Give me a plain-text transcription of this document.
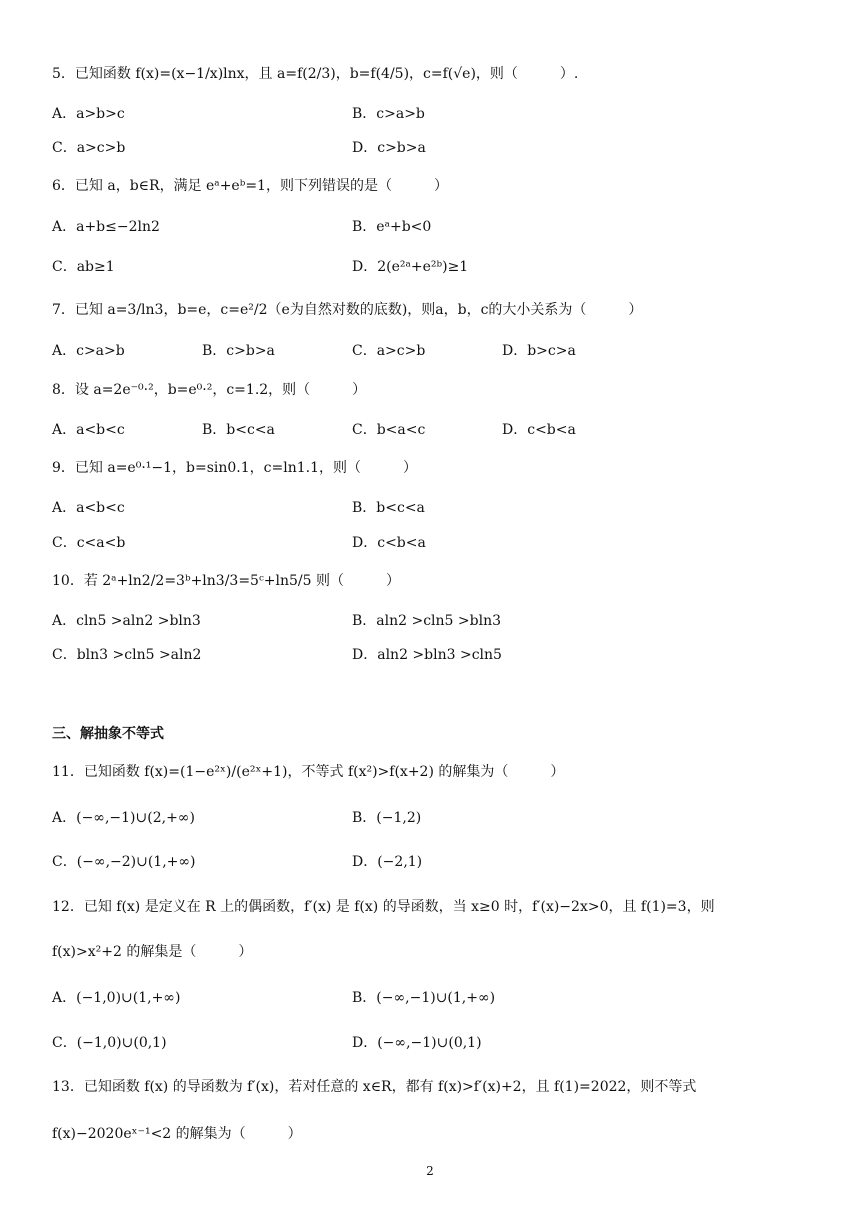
5．已知函数 f(x)=(x−1/x)lnx，且 a=f(2/3)，b=f(4/5)，c=f(√e)，则（　　　）.
A．a>b>c	B．c>a>b
C．a>c>b	D．c>b>a
6．已知 a，b∈R，满足 eᵃ+eᵇ=1，则下列错误的是（　　　）
A．a+b≤−2ln2	B．eᵃ+b<0
C．ab≥1	D．2(e²ᵃ+e²ᵇ)≥1
7．已知 a=3/ln3，b=e，c=e²/2（e为自然对数的底数)，则a，b，c的大小关系为（　　　）
A．c>a>b	B．c>b>a	C．a>c>b	D．b>c>a
8．设 a=2e⁻⁰·²，b=e⁰·²，c=1.2，则（　　　）
A．a<b<c	B．b<c<a	C．b<a<c	D．c<b<a
9．已知 a=e⁰·¹−1，b=sin0.1，c=ln1.1，则（　　　）
A．a<b<c	B．b<c<a
C．c<a<b	D．c<b<a
10．若 2ᵃ+ln2/2=3ᵇ+ln3/3=5ᶜ+ln5/5 则（　　　）
A．cln5 >aln2 >bln3	B．aln2 >cln5 >bln3
C．bln3 >cln5 >aln2	D．aln2 >bln3 >cln5
三、解抽象不等式
11．已知函数 f(x)=(1−e²ˣ)/(e²ˣ+1)，不等式 f(x²)>f(x+2) 的解集为（　　　）
A．(−∞,−1)∪(2,+∞)	B．(−1,2)
C．(−∞,−2)∪(1,+∞)	D．(−2,1)
12．已知 f(x) 是定义在 R 上的偶函数，f′(x) 是 f(x) 的导函数，当 x≥0 时，f′(x)−2x>0，且 f(1)=3，则
f(x)>x²+2 的解集是（　　　）
A．(−1,0)∪(1,+∞)	B．(−∞,−1)∪(1,+∞)
C．(−1,0)∪(0,1)	D．(−∞,−1)∪(0,1)
13．已知函数 f(x) 的导函数为 f′(x)，若对任意的 x∈R，都有 f(x)>f′(x)+2，且 f(1)=2022，则不等式
f(x)−2020eˣ⁻¹<2 的解集为（　　　）
2
